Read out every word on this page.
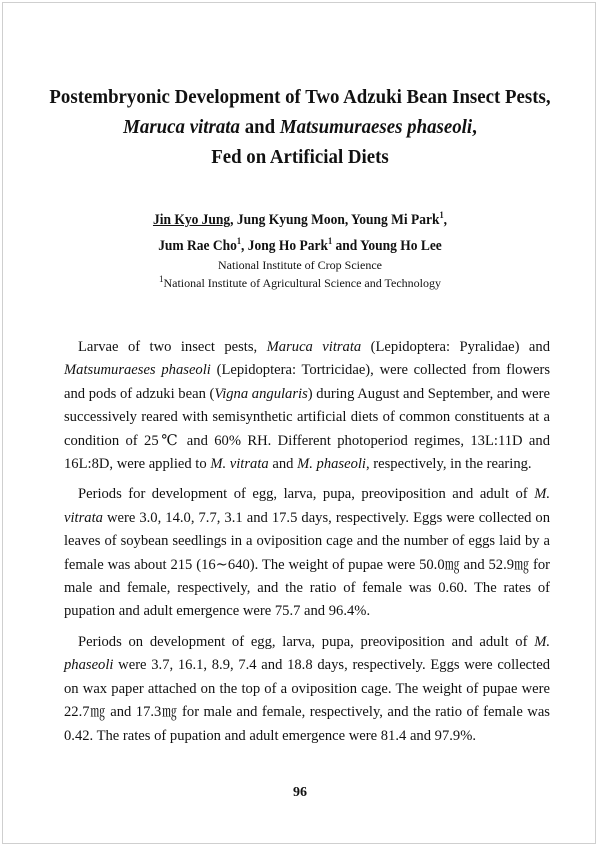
Postembryonic Development of Two Adzuki Bean Insect Pests,
Maruca vitrata and Matsumuraeses phaseoli,
Fed on Artificial Diets
Jin Kyo Jung, Jung Kyung Moon, Young Mi Park$^1$,
Jum Rae Cho$^1$, Jong Ho Park$^1$ and Young Ho Lee
National Institute of Crop Science
$^1$National Institute of Agricultural Science and Technology

Larvae of two insect pests, Maruca vitrata (Lepidoptera: Pyralidae) and Matsumuraeses phaseoli (Lepidoptera: Tortricidae), were collected from flowers and pods of adzuki bean (Vigna angularis) during August and September, and were successively reared with semisynthetic artificial diets of common constituents at a condition of 25℃ and 60% RH. Different photoperiod regimes, 13L:11D and 16L:8D, were applied to M. vitrata and M. phaseoli, respectively, in the rearing.

Periods for development of egg, larva, pupa, preoviposition and adult of M. vitrata were 3.0, 14.0, 7.7, 3.1 and 17.5 days, respectively. Eggs were collected on leaves of soybean seedlings in a oviposition cage and the number of eggs laid by a female was about 215 (16∼640). The weight of pupae were 50.0㎎ and 52.9㎎ for male and female, respectively, and the ratio of female was 0.60. The rates of pupation and adult emergence were 75.7 and 96.4%.

Periods on development of egg, larva, pupa, preoviposition and adult of M. phaseoli were 3.7, 16.1, 8.9, 7.4 and 18.8 days, respectively. Eggs were collected on wax paper attached on the top of a oviposition cage. The weight of pupae were 22.7㎎ and 17.3㎎ for male and female, respectively, and the ratio of female was 0.42. The rates of pupation and adult emergence were 81.4 and 97.9%.

96
